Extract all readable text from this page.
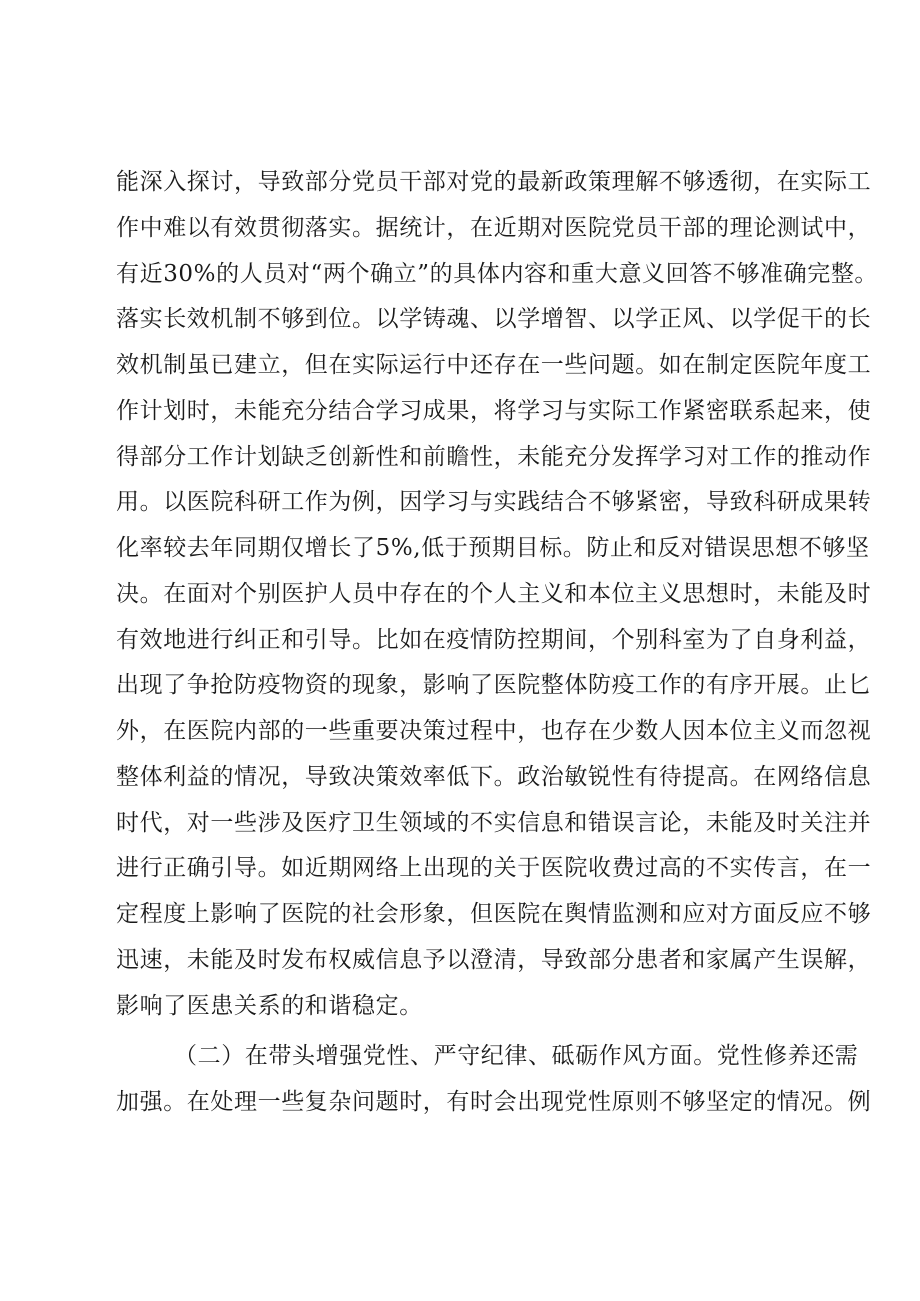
能深入探讨，导致部分党员干部对党的最新政策理解不够透彻，在实际工
作中难以有效贯彻落实。据统计，在近期对医院党员干部的理论测试中，
有近30%的人员对“两个确立”的具体内容和重大意义回答不够准确完整。
落实长效机制不够到位。以学铸魂、以学增智、以学正风、以学促干的长
效机制虽已建立，但在实际运行中还存在一些问题。如在制定医院年度工
作计划时，未能充分结合学习成果，将学习与实际工作紧密联系起来，使
得部分工作计划缺乏创新性和前瞻性，未能充分发挥学习对工作的推动作
用。以医院科研工作为例，因学习与实践结合不够紧密，导致科研成果转
化率较去年同期仅增长了5%,低于预期目标。防止和反对错误思想不够坚
决。在面对个别医护人员中存在的个人主义和本位主义思想时，未能及时
有效地进行纠正和引导。比如在疫情防控期间，个别科室为了自身利益，
出现了争抢防疫物资的现象，影响了医院整体防疫工作的有序开展。止匕
外，在医院内部的一些重要决策过程中，也存在少数人因本位主义而忽视
整体利益的情况，导致决策效率低下。政治敏锐性有待提高。在网络信息
时代，对一些涉及医疗卫生领域的不实信息和错误言论，未能及时关注并
进行正确引导。如近期网络上出现的关于医院收费过高的不实传言，在一
定程度上影响了医院的社会形象，但医院在舆情监测和应对方面反应不够
迅速，未能及时发布权威信息予以澄清，导致部分患者和家属产生误解，
影响了医患关系的和谐稳定。
（二）在带头增强党性、严守纪律、砥砺作风方面。党性修养还需
加强。在处理一些复杂问题时，有时会出现党性原则不够坚定的情况。例
